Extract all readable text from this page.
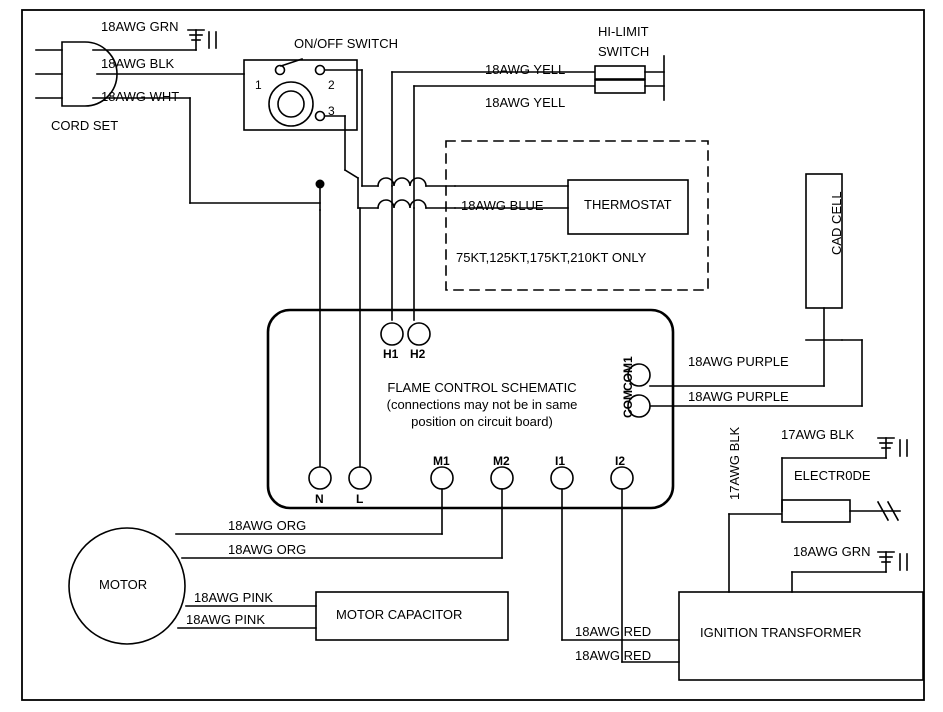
18AWG GRN
18AWG BLK
18AWG WHT
CORD SET
ON/OFF SWITCH
1	2
3
HI-LIMIT
SWITCH
18AWG YELL
18AWG YELL
18AWG BLUE	THERMOSTAT
75KT,125KT,175KT,210KT ONLY
CAD CELL
H1 H2
FLAME CONTROL SCHEMATIC
(connections may not be in same
position on circuit board)
COM1
COM
18AWG PURPLE
18AWG PURPLE
N	L
M1	M2	I1	I2
18AWG ORG
18AWG ORG
MOTOR
18AWG PINK
18AWG PINK	MOTOR CAPACITOR
18AWG RED
18AWG RED
IGNITION TRANSFORMER
17AWG BLK
ELECTR0DE
17AWG BLK
18AWG GRN
